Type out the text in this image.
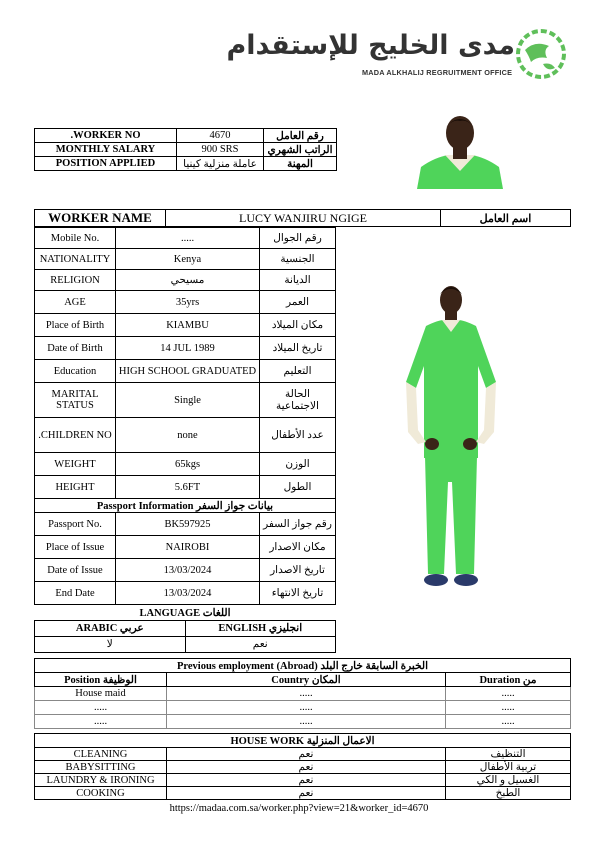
مدى الخليج للإستقدام
MADA ALKHALIJ REGRUITMENT OFFICE
.WORKER NO	4670	رقم العامل
MONTHLY SALARY	900 SRS	الراتب الشهري
POSITION APPLIED	عاملة منزلية كينيا	المهنة
WORKER NAME	LUCY WANJIRU NGIGE	اسم العامل
Mobile No.	.....	رقم الجوال
NATIONALITY	Kenya	الجنسية
RELIGION	مسيحي	الديانة
AGE	35yrs	العمر
Place of Birth	KIAMBU	مكان الميلاد
Date of Birth	14 JUL 1989	تاريخ الميلاد
Education	HIGH SCHOOL GRADUATED	التعليم
MARITAL STATUS	Single	الحالة الاجتماعية
.CHILDREN NO	none	عدد الأطفال
WEIGHT	65kgs	الوزن
HEIGHT	5.6FT	الطول
Passport Information بيانات جواز السفر		
Passport No.	BK597925	رقم جواز السفر
Place of Issue	NAIROBI	مكان الاصدار
Date of Issue	13/03/2024	تاريخ الاصدار
End Date	13/03/2024	تاريخ الانتهاء
LANGUAGE اللغات	
ARABIC عربي	ENGLISH انجليزي
لا	نعم
Previous employment (Abroad) الخبرة السابقة خارج البلد		
Position الوظيفة	Country المكان	Duration من
House maid	.....	.....
.....	.....	.....
.....	.....	.....
HOUSE WORK الاعمال المنزلية		
CLEANING	نعم	التنظيف
BABYSITTING	نعم	تربية الأطفال
LAUNDRY & IRONING	نعم	الغسيل و الكي
COOKING	نعم	الطبخ
https://madaa.com.sa/worker.php?view=21&worker_id=4670
